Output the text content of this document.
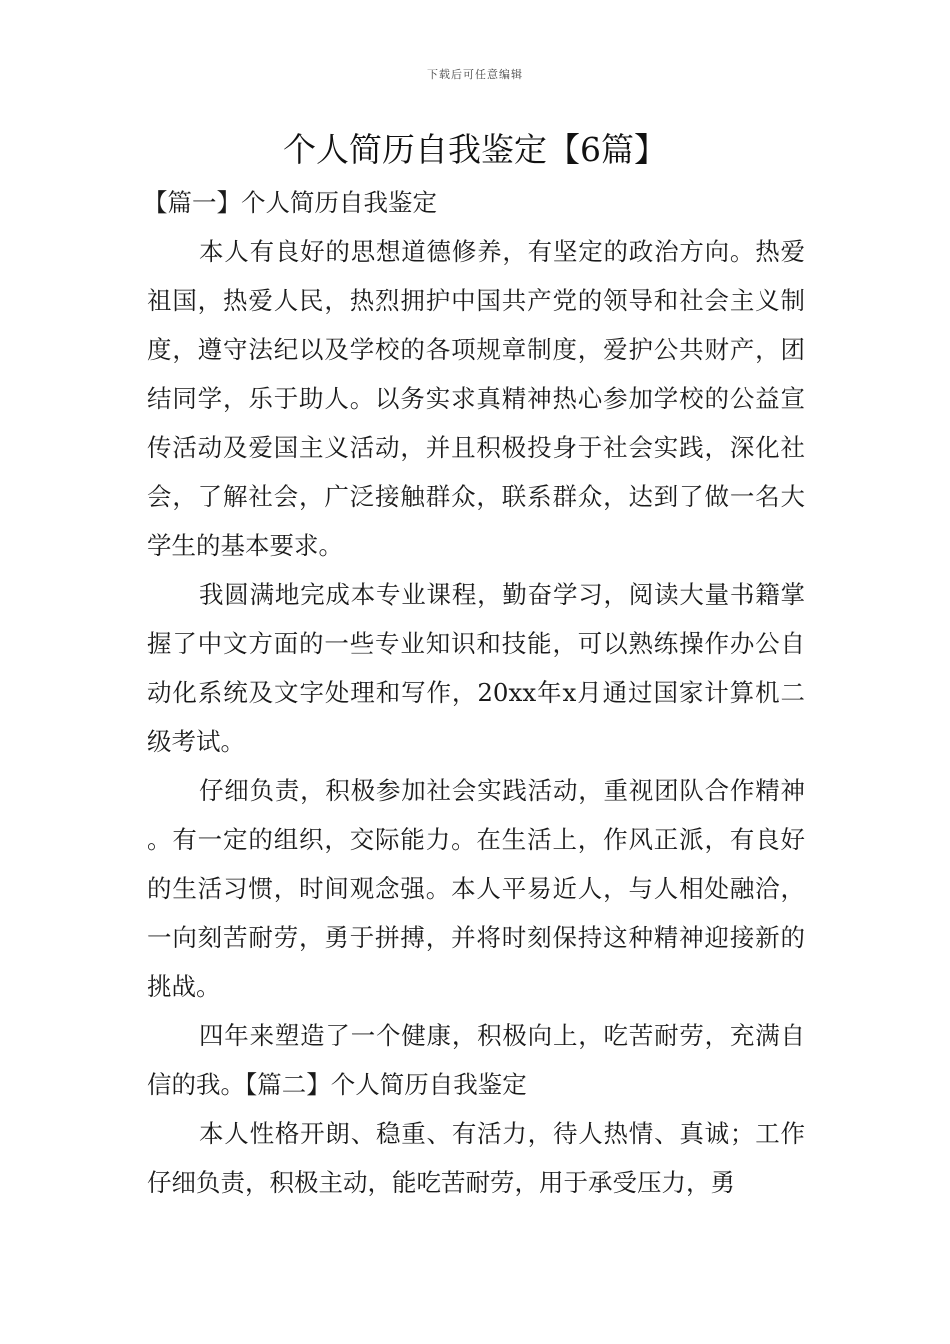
下载后可任意编辑
个人简历自我鉴定【6篇】
【篇一】个人简历自我鉴定

本人有良好的思想道德修养，有坚定的政治方向。热爱祖国，热爱人民，热烈拥护中国共产党的领导和社会主义制度，遵守法纪以及学校的各项规章制度，爱护公共财产，团结同学，乐于助人。以务实求真精神热心参加学校的公益宣传活动及爱国主义活动，并且积极投身于社会实践，深化社会，了解社会，广泛接触群众，联系群众，达到了做一名大学生的基本要求。

我圆满地完成本专业课程，勤奋学习，阅读大量书籍掌握了中文方面的一些专业知识和技能，可以熟练操作办公自动化系统及文字处理和写作，20xx年x月通过国家计算机二级考试。

仔细负责，积极参加社会实践活动，重视团队合作精神。有一定的组织，交际能力。在生活上，作风正派，有良好的生活习惯，时间观念强。本人平易近人，与人相处融洽，一向刻苦耐劳，勇于拼搏，并将时刻保持这种精神迎接新的挑战。

四年来塑造了一个健康，积极向上，吃苦耐劳，充满自信的我。【篇二】个人简历自我鉴定

本人性格开朗、稳重、有活力，待人热情、真诚；工作仔细负责，积极主动，能吃苦耐劳，用于承受压力，勇
